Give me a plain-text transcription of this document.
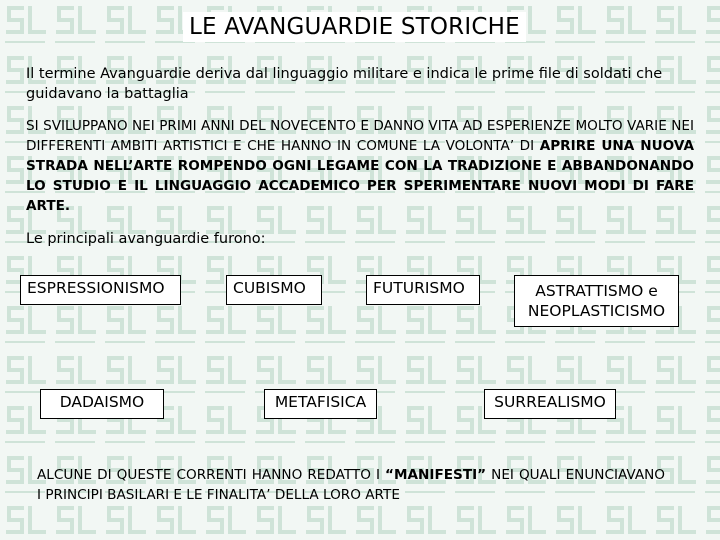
LE AVANGUARDIE STORICHE
Il termine Avanguardie deriva dal linguaggio militare e indica le prime file di soldati che guidavano la battaglia
SI SVILUPPANO NEI PRIMI ANNI DEL NOVECENTO E DANNO VITA AD ESPERIENZE MOLTO VARIE NEI DIFFERENTI AMBITI ARTISTICI E CHE HANNO IN COMUNE LA VOLONTA’ DI APRIRE UNA NUOVA STRADA NELL’ARTE ROMPENDO OGNI LEGAME CON LA TRADIZIONE E ABBANDONANDO LO STUDIO E IL LINGUAGGIO ACCADEMICO PER SPERIMENTARE NUOVI MODI DI FARE ARTE.
Le principali avanguardie furono:
ESPRESSIONISMO	CUBISMO	FUTURISMO	ASTRATTISMO e NEOPLASTICISMO
DADAISMO	METAFISICA	SURREALISMO
ALCUNE DI QUESTE CORRENTI HANNO REDATTO I “MANIFESTI” NEI QUALI ENUNCIAVANO I PRINCIPI BASILARI E LE FINALITA’ DELLA LORO ARTE
